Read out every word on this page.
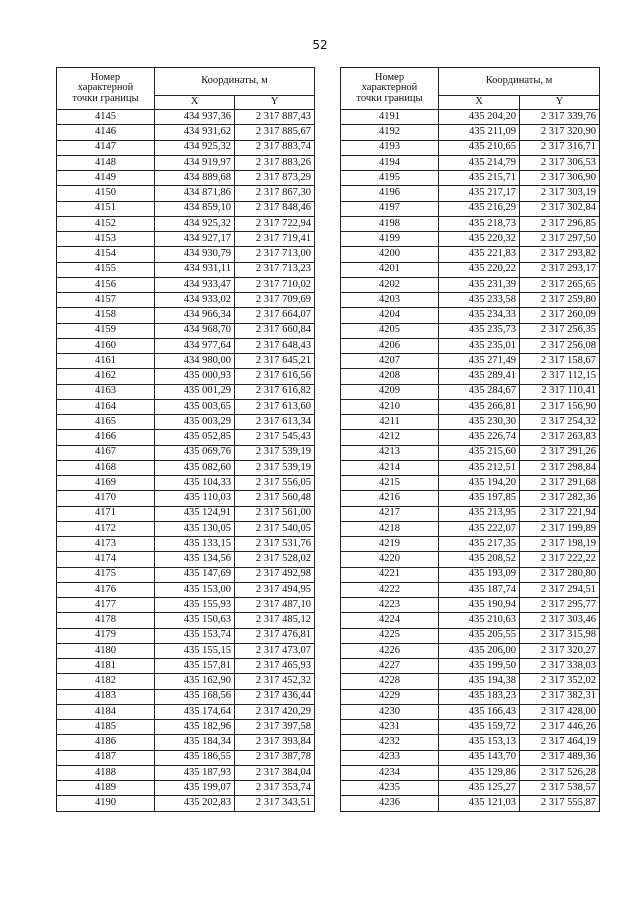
52
Номер
характерной
точки границы	Координаты, м	
	X	Y
4145	434 937,36	2 317 887,43
4146	434 931,62	2 317 885,67
4147	434 925,32	2 317 883,74
4148	434 919,97	2 317 883,26
4149	434 889,68	2 317 873,29
4150	434 871,86	2 317 867,30
4151	434 859,10	2 317 848,46
4152	434 925,32	2 317 722,94
4153	434 927,17	2 317 719,41
4154	434 930,79	2 317 713,00
4155	434 931,11	2 317 713,23
4156	434 933,47	2 317 710,02
4157	434 933,02	2 317 709,69
4158	434 966,34	2 317 664,07
4159	434 968,70	2 317 660,84
4160	434 977,64	2 317 648,43
4161	434 980,00	2 317 645,21
4162	435 000,93	2 317 616,56
4163	435 001,29	2 317 616,82
4164	435 003,65	2 317 613,60
4165	435 003,29	2 317 613,34
4166	435 052,85	2 317 545,43
4167	435 069,76	2 317 539,19
4168	435 082,60	2 317 539,19
4169	435 104,33	2 317 556,05
4170	435 110,03	2 317 560,48
4171	435 124,91	2 317 561,00
4172	435 130,05	2 317 540,05
4173	435 133,15	2 317 531,76
4174	435 134,56	2 317 528,02
4175	435 147,69	2 317 492,98
4176	435 153,00	2 317 494,95
4177	435 155,93	2 317 487,10
4178	435 150,63	2 317 485,12
4179	435 153,74	2 317 476,81
4180	435 155,15	2 317 473,07
4181	435 157,81	2 317 465,93
4182	435 162,90	2 317 452,32
4183	435 168,56	2 317 436,44
4184	435 174,64	2 317 420,29
4185	435 182,96	2 317 397,58
4186	435 184,34	2 317 393,84
4187	435 186,55	2 317 387,78
4188	435 187,93	2 317 384,04
4189	435 199,07	2 317 353,74
4190	435 202,83	2 317 343,51
Номер
характерной
точки границы	Координаты, м	
	X	Y
4191	435 204,20	2 317 339,76
4192	435 211,09	2 317 320,90
4193	435 210,65	2 317 316,71
4194	435 214,79	2 317 306,53
4195	435 215,71	2 317 306,90
4196	435 217,17	2 317 303,19
4197	435 216,29	2 317 302,84
4198	435 218,73	2 317 296,85
4199	435 220,32	2 317 297,50
4200	435 221,83	2 317 293,82
4201	435 220,22	2 317 293,17
4202	435 231,39	2 317 265,65
4203	435 233,58	2 317 259,80
4204	435 234,33	2 317 260,09
4205	435 235,73	2 317 256,35
4206	435 235,01	2 317 256,08
4207	435 271,49	2 317 158,67
4208	435 289,41	2 317 112,15
4209	435 284,67	2 317 110,41
4210	435 266,81	2 317 156,90
4211	435 230,30	2 317 254,32
4212	435 226,74	2 317 263,83
4213	435 215,60	2 317 291,26
4214	435 212,51	2 317 298,84
4215	435 194,20	2 317 291,68
4216	435 197,85	2 317 282,36
4217	435 213,95	2 317 221,94
4218	435 222,07	2 317 199,89
4219	435 217,35	2 317 198,19
4220	435 208,52	2 317 222,22
4221	435 193,09	2 317 280,80
4222	435 187,74	2 317 294,51
4223	435 190,94	2 317 295,77
4224	435 210,63	2 317 303,46
4225	435 205,55	2 317 315,98
4226	435 206,00	2 317 320,27
4227	435 199,50	2 317 338,03
4228	435 194,38	2 317 352,02
4229	435 183,23	2 317 382,31
4230	435 166,43	2 317 428,00
4231	435 159,72	2 317 446,26
4232	435 153,13	2 317 464,19
4233	435 143,70	2 317 489,36
4234	435 129,86	2 317 526,28
4235	435 125,27	2 317 538,57
4236	435 121,03	2 317 555,87
